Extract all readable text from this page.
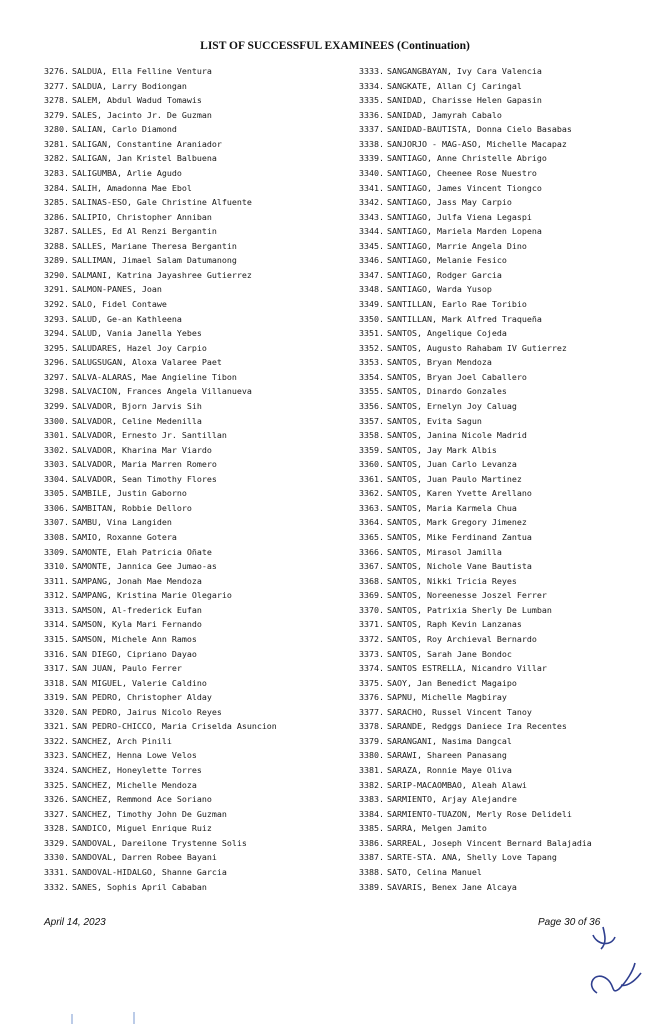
LIST OF SUCCESSFUL EXAMINEES (Continuation)
3276. SALDUA, Ella Felline Ventura
3277. SALDUA, Larry Bodiongan
3278. SALEM, Abdul Wadud Tomawis
3279. SALES, Jacinto Jr. De Guzman
3280. SALIAN, Carlo Diamond
3281. SALIGAN, Constantine Araniador
3282. SALIGAN, Jan Kristel Balbuena
3283. SALIGUMBA, Arlie Agudo
3284. SALIH, Amadonna Mae Ebol
3285. SALINAS-ESO, Gale Christine Alfuente
3286. SALIPIO, Christopher Anniban
3287. SALLES, Ed Al Renzi Bergantin
3288. SALLES, Mariane Theresa Bergantin
3289. SALLIMAN, Jimael Salam Datumanong
3290. SALMANI, Katrina Jayashree Gutierrez
3291. SALMON-PANES, Joan
3292. SALO, Fidel Contawe
3293. SALUD, Ge-an Kathleena
3294. SALUD, Vania Janella Yebes
3295. SALUDARES, Hazel Joy Carpio
3296. SALUGSUGAN, Aloxa Valaree Paet
3297. SALVA-ALARAS, Mae Angieline Tibon
3298. SALVACION, Frances Angela Villanueva
3299. SALVADOR, Bjorn Jarvis Sih
3300. SALVADOR, Celine Medenilla
3301. SALVADOR, Ernesto Jr. Santillan
3302. SALVADOR, Kharina Mar Viardo
3303. SALVADOR, Maria Marren Romero
3304. SALVADOR, Sean Timothy Flores
3305. SAMBILE, Justin Gaborno
3306. SAMBITAN, Robbie Delloro
3307. SAMBU, Vina Langiden
3308. SAMIO, Roxanne Gotera
3309. SAMONTE, Elah Patricia Oñate
3310. SAMONTE, Jannica Gee Jumao-as
3311. SAMPANG, Jonah Mae Mendoza
3312. SAMPANG, Kristina Marie Olegario
3313. SAMSON, Al-frederick Eufan
3314. SAMSON, Kyla Mari Fernando
3315. SAMSON, Michele Ann Ramos
3316. SAN DIEGO, Cipriano Dayao
3317. SAN JUAN, Paulo Ferrer
3318. SAN MIGUEL, Valerie Caldino
3319. SAN PEDRO, Christopher Alday
3320. SAN PEDRO, Jairus Nicolo Reyes
3321. SAN PEDRO-CHICCO, Maria Criselda Asuncion
3322. SANCHEZ, Arch Pinili
3323. SANCHEZ, Henna Lowe Velos
3324. SANCHEZ, Honeylette Torres
3325. SANCHEZ, Michelle Mendoza
3326. SANCHEZ, Remmond Ace Soriano
3327. SANCHEZ, Timothy John De Guzman
3328. SANDICO, Miguel Enrique Ruiz
3329. SANDOVAL, Dareilone Trystenne Solis
3330. SANDOVAL, Darren Robee Bayani
3331. SANDOVAL-HIDALGO, Shanne Garcia
3332. SANES, Sophis April Cababan
3333. SANGANGBAYAN, Ivy Cara Valencia
3334. SANGKATE, Allan Cj Caringal
3335. SANIDAD, Charisse Helen Gapasin
3336. SANIDAD, Jamyrah Cabalo
3337. SANIDAD-BAUTISTA, Donna Cielo Basabas
3338. SANJORJO - MAG-ASO, Michelle Macapaz
3339. SANTIAGO, Anne Christelle Abrigo
3340. SANTIAGO, Cheenee Rose Nuestro
3341. SANTIAGO, James Vincent Tiongco
3342. SANTIAGO, Jass May Carpio
3343. SANTIAGO, Julfa Viena Legaspi
3344. SANTIAGO, Mariela Marden Lopena
3345. SANTIAGO, Marrie Angela Dino
3346. SANTIAGO, Melanie Fesico
3347. SANTIAGO, Rodger Garcia
3348. SANTIAGO, Warda Yusop
3349. SANTILLAN, Earlo Rae Toribio
3350. SANTILLAN, Mark Alfred Traqueña
3351. SANTOS, Angelique Cojeda
3352. SANTOS, Augusto Rahabam IV Gutierrez
3353. SANTOS, Bryan Mendoza
3354. SANTOS, Bryan Joel Caballero
3355. SANTOS, Dinardo Gonzales
3356. SANTOS, Ernelyn Joy Caluag
3357. SANTOS, Evita Sagun
3358. SANTOS, Janina Nicole Madrid
3359. SANTOS, Jay Mark Albis
3360. SANTOS, Juan Carlo Levanza
3361. SANTOS, Juan Paulo Martinez
3362. SANTOS, Karen Yvette Arellano
3363. SANTOS, Maria Karmela Chua
3364. SANTOS, Mark Gregory Jimenez
3365. SANTOS, Mike Ferdinand Zantua
3366. SANTOS, Mirasol Jamilla
3367. SANTOS, Nichole Vane Bautista
3368. SANTOS, Nikki Tricia Reyes
3369. SANTOS, Noreenesse Joszel Ferrer
3370. SANTOS, Patrixia Sherly De Lumban
3371. SANTOS, Raph Kevin Lanzanas
3372. SANTOS, Roy Archieval Bernardo
3373. SANTOS, Sarah Jane Bondoc
3374. SANTOS ESTRELLA, Nicandro Villar
3375. SAOY, Jan Benedict Magaipo
3376. SAPNU, Michelle Magbiray
3377. SARACHO, Russel Vincent Tanoy
3378. SARANDE, Redggs Daniece Ira Recentes
3379. SARANGANI, Nasima Dangcal
3380. SARAWI, Shareen Panasang
3381. SARAZA, Ronnie Maye Oliva
3382. SARIP-MACAOMBAO, Aleah Alawi
3383. SARMIENTO, Arjay Alejandre
3384. SARMIENTO-TUAZON, Merly Rose Delideli
3385. SARRA, Melgen Jamito
3386. SARREAL, Joseph Vincent Bernard Balajadia
3387. SARTE-STA. ANA, Shelly Love Tapang
3388. SATO, Celina Manuel
3389. SAVARIS, Benex Jane Alcaya
April 14, 2023	Page 30 of 36
